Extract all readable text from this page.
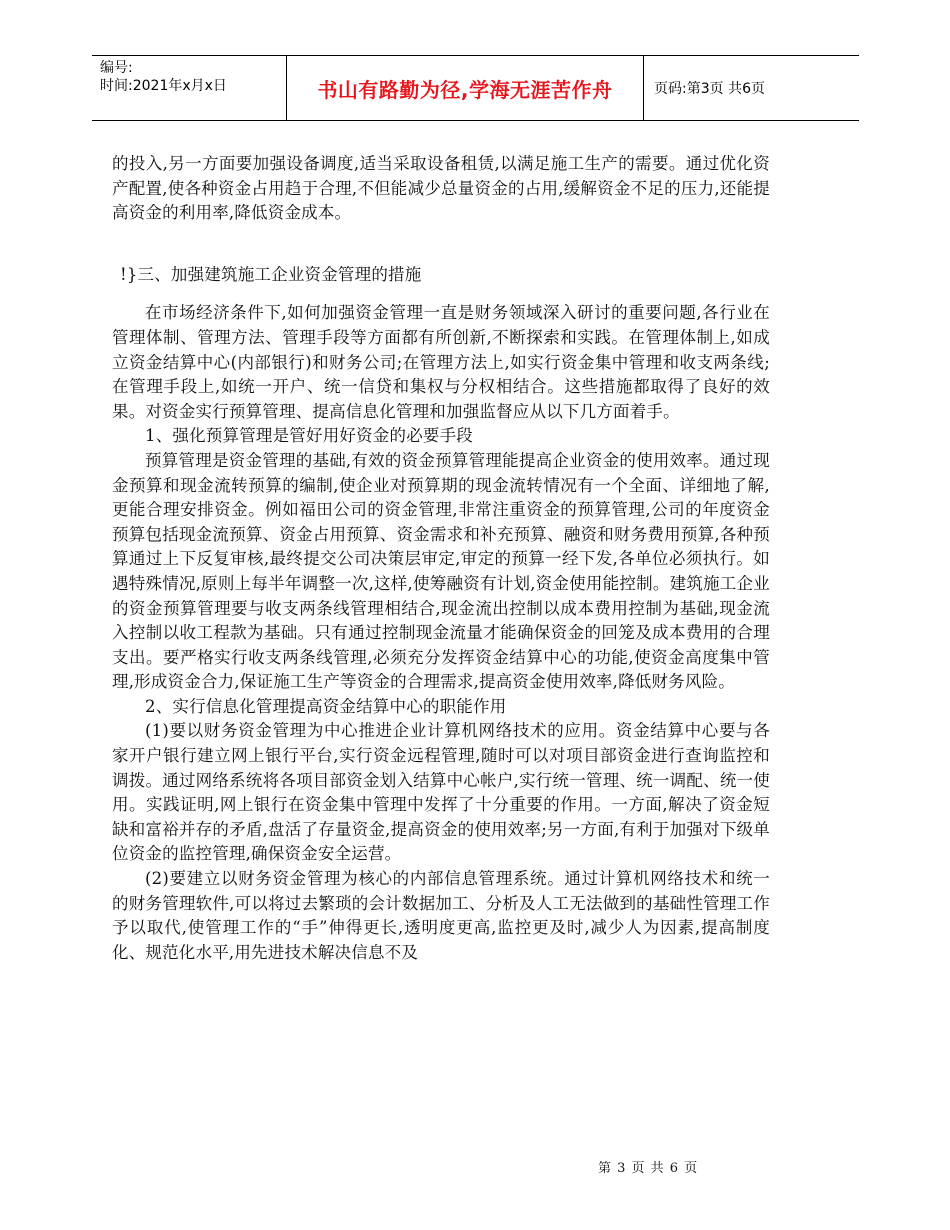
编号:
时间:2021年x月x日	书山有路勤为径,学海无涯苦作舟	页码:第3页 共6页

的投入,另一方面要加强设备调度,适当采取设备租赁,以满足施工生产的需要。通过优化资产配置,使各种资金占用趋于合理,不但能减少总量资金的占用,缓解资金不足的压力,还能提高资金的利用率,降低资金成本。

!}三、加强建筑施工企业资金管理的措施

在市场经济条件下,如何加强资金管理一直是财务领域深入研讨的重要问题,各行业在管理体制、管理方法、管理手段等方面都有所创新,不断探索和实践。在管理体制上,如成立资金结算中心(内部银行)和财务公司;在管理方法上,如实行资金集中管理和收支两条线;在管理手段上,如统一开户、统一信贷和集权与分权相结合。这些措施都取得了良好的效果。对资金实行预算管理、提高信息化管理和加强监督应从以下几方面着手。

1、强化预算管理是管好用好资金的必要手段

预算管理是资金管理的基础,有效的资金预算管理能提高企业资金的使用效率。通过现金预算和现金流转预算的编制,使企业对预算期的现金流转情况有一个全面、详细地了解,更能合理安排资金。例如福田公司的资金管理,非常注重资金的预算管理,公司的年度资金预算包括现金流预算、资金占用预算、资金需求和补充预算、融资和财务费用预算,各种预算通过上下反复审核,最终提交公司决策层审定,审定的预算一经下发,各单位必须执行。如遇特殊情况,原则上每半年调整一次,这样,使筹融资有计划,资金使用能控制。建筑施工企业的资金预算管理要与收支两条线管理相结合,现金流出控制以成本费用控制为基础,现金流入控制以收工程款为基础。只有通过控制现金流量才能确保资金的回笼及成本费用的合理支出。要严格实行收支两条线管理,必须充分发挥资金结算中心的功能,使资金高度集中管理,形成资金合力,保证施工生产等资金的合理需求,提高资金使用效率,降低财务风险。

2、实行信息化管理提高资金结算中心的职能作用

(1)要以财务资金管理为中心推进企业计算机网络技术的应用。资金结算中心要与各家开户银行建立网上银行平台,实行资金远程管理,随时可以对项目部资金进行查询监控和调拨。通过网络系统将各项目部资金划入结算中心帐户,实行统一管理、统一调配、统一使用。实践证明,网上银行在资金集中管理中发挥了十分重要的作用。一方面,解决了资金短缺和富裕并存的矛盾,盘活了存量资金,提高资金的使用效率;另一方面,有利于加强对下级单位资金的监控管理,确保资金安全运营。

(2)要建立以财务资金管理为核心的内部信息管理系统。通过计算机网络技术和统一的财务管理软件,可以将过去繁琐的会计数据加工、分析及人工无法做到的基础性管理工作予以取代,使管理工作的“手”伸得更长,透明度更高,监控更及时,减少人为因素,提高制度化、规范化水平,用先进技术解决信息不及

第 3 页 共 6 页
